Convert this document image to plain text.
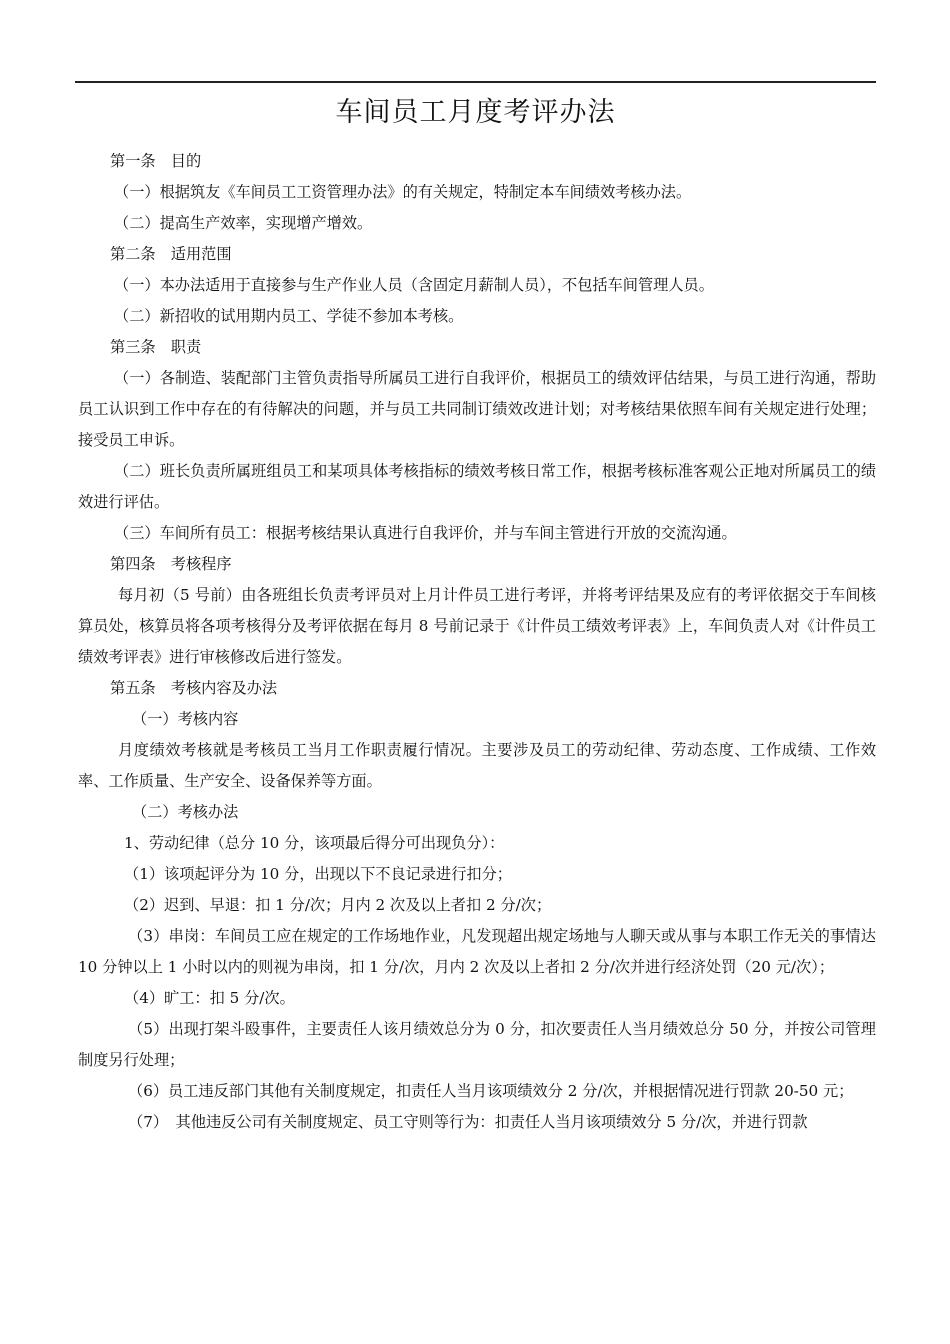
车间员工月度考评办法

第一条　目的

（一）根据筑友《车间员工工资管理办法》的有关规定，特制定本车间绩效考核办法。

（二）提高生产效率，实现增产增效。

第二条　适用范围

（一）本办法适用于直接参与生产作业人员（含固定月薪制人员），不包括车间管理人员。

（二）新招收的试用期内员工、学徒不参加本考核。

第三条　职责

（一）各制造、装配部门主管负责指导所属员工进行自我评价，根据员工的绩效评估结果，与员工进行沟通，帮助员工认识到工作中存在的有待解决的问题，并与员工共同制订绩效改进计划；对考核结果依照车间有关规定进行处理；接受员工申诉。

（二）班长负责所属班组员工和某项具体考核指标的绩效考核日常工作，根据考核标准客观公正地对所属员工的绩效进行评估。

（三）车间所有员工：根据考核结果认真进行自我评价，并与车间主管进行开放的交流沟通。

第四条　考核程序

每月初（5 号前）由各班组长负责考评员对上月计件员工进行考评，并将考评结果及应有的考评依据交于车间核算员处，核算员将各项考核得分及考评依据在每月 8 号前记录于《计件员工绩效考评表》上，车间负责人对《计件员工绩效考评表》进行审核修改后进行签发。

第五条　考核内容及办法

（一）考核内容

月度绩效考核就是考核员工当月工作职责履行情况。主要涉及员工的劳动纪律、劳动态度、工作成绩、工作效率、工作质量、生产安全、设备保养等方面。

（二）考核办法

1、劳动纪律（总分 10 分，该项最后得分可出现负分）：

（1）该项起评分为 10 分，出现以下不良记录进行扣分；

（2）迟到、早退：扣 1 分/次；月内 2 次及以上者扣 2 分/次；

（3）串岗：车间员工应在规定的工作场地作业，凡发现超出规定场地与人聊天或从事与本职工作无关的事情达 10 分钟以上 1 小时以内的则视为串岗，扣 1 分/次，月内 2 次及以上者扣 2 分/次并进行经济处罚（20 元/次）；

（4）旷工：扣 5 分/次。

（5）出现打架斗殴事件，主要责任人该月绩效总分为 0 分，扣次要责任人当月绩效总分 50 分，并按公司管理制度另行处理；

（6）员工违反部门其他有关制度规定，扣责任人当月该项绩效分 2 分/次，并根据情况进行罚款 20-50 元；

（7）　其他违反公司有关制度规定、员工守则等行为：扣责任人当月该项绩效分 5 分/次，并进行罚款
